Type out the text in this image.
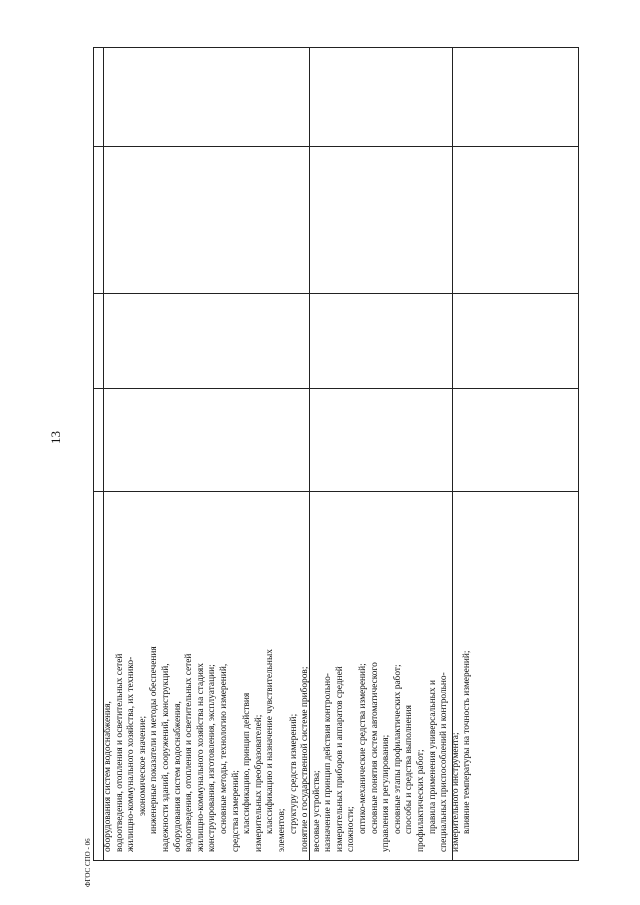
13
оборудования систем водоснабжения, водоотведения, отопления и осветительных сетей жилищно-коммунального хозяйства, их технико- экономическое значение; инженерные показатели и методы обеспечения надежности зданий, сооружений, конструкций, оборудования систем водоснабжения, водоотведения, отопления и осветительных сетей жилищно-коммунального хозяйства на стадиях конструирования, изготовления, эксплуатации; основные методы, технологию измерений, средства измерений; классификацию, принцип действия измерительных преобразователей; классификацию и назначение чувствительных элементов; структуру средств измерений; понятие о государственной системе приборов; весовые устройства; назначение и принцип действия контрольно- измерительных приборов и аппаратов средней сложности; оптико-механические средства измерений; основные понятия систем автоматического управления и регулирования; основные этапы профилактических работ; способы и средства выполнения профилактических работ; правила применения универсальных и специальных приспособлений и контрольно- измерительного инструмента; влияние температуры на точность измерений;
ФГОС СПО - 06
